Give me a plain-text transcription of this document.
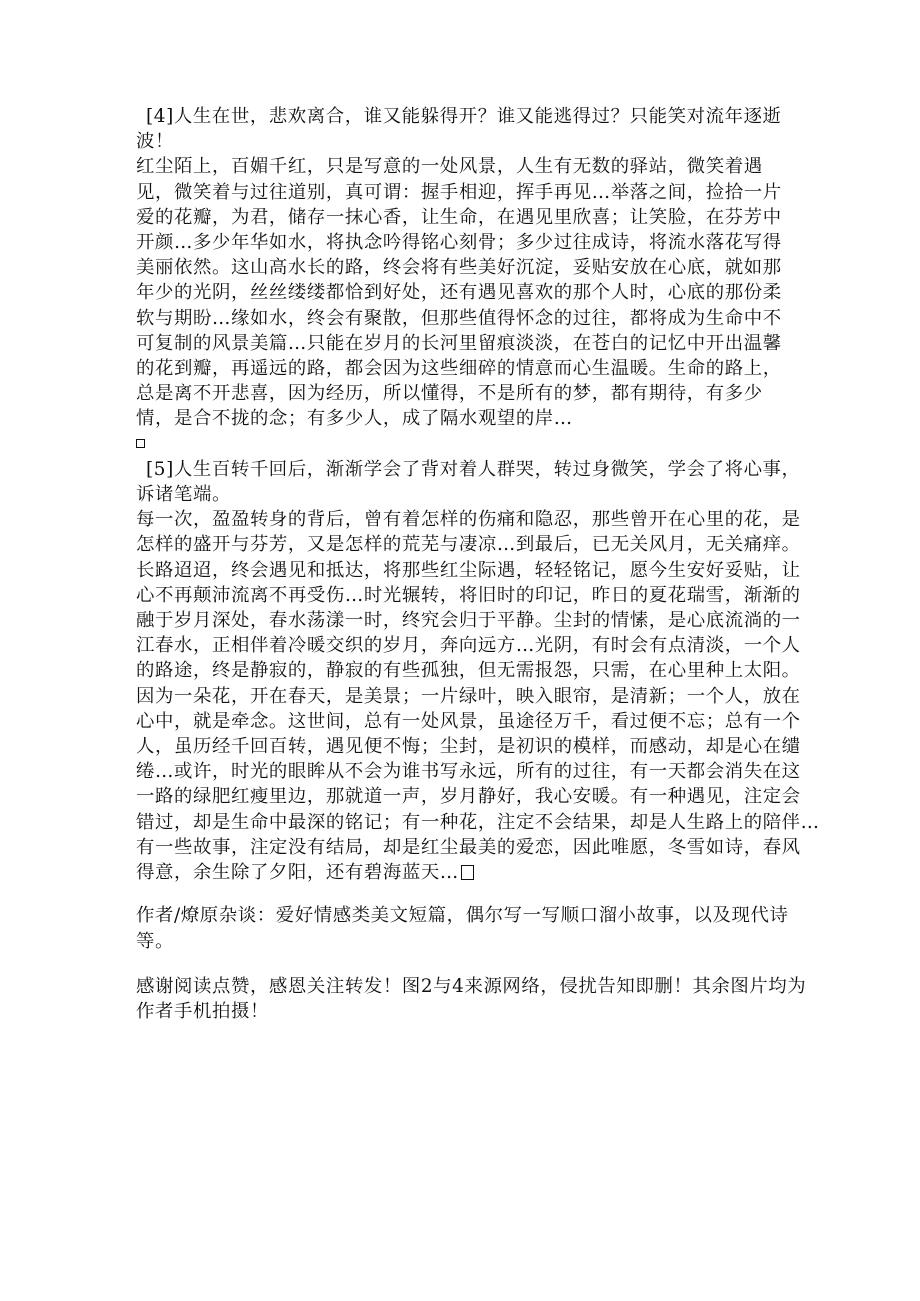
[4]人生在世，悲欢离合，谁又能躲得开？谁又能逃得过？只能笑对流年逐逝
波！
红尘陌上，百媚千红，只是写意的一处风景，人生有无数的驿站，微笑着遇
见，微笑着与过往道别，真可谓：握手相迎，挥手再见…举落之间，捡拾一片
爱的花瓣，为君，储存一抹心香，让生命，在遇见里欣喜；让笑脸，在芬芳中
开颜…多少年华如水，将执念吟得铭心刻骨；多少过往成诗，将流水落花写得
美丽依然。这山高水长的路，终会将有些美好沉淀，妥贴安放在心底，就如那
年少的光阴，丝丝缕缕都恰到好处，还有遇见喜欢的那个人时，心底的那份柔
软与期盼…缘如水，终会有聚散，但那些值得怀念的过往，都将成为生命中不
可复制的风景美篇…只能在岁月的长河里留痕淡淡，在苍白的记忆中开出温馨
的花到瓣，再遥远的路，都会因为这些细碎的情意而心生温暖。生命的路上，
总是离不开悲喜，因为经历，所以懂得，不是所有的梦，都有期待，有多少
情，是合不拢的念；有多少人，成了隔水观望的岸…
[5]人生百转千回后，渐渐学会了背对着人群哭，转过身微笑，学会了将心事，
诉诸笔端。
每一次，盈盈转身的背后，曾有着怎样的伤痛和隐忍，那些曾开在心里的花，是
怎样的盛开与芬芳，又是怎样的荒芜与凄凉…到最后，已无关风月，无关痛痒。
长路迢迢，终会遇见和抵达，将那些红尘际遇，轻轻铭记，愿今生安好妥贴，让
心不再颠沛流离不再受伤…时光辗转，将旧时的印记，昨日的夏花瑞雪，渐渐的
融于岁月深处，春水荡漾一时，终究会归于平静。尘封的情愫，是心底流淌的一
江春水，正相伴着冷暖交织的岁月，奔向远方…光阴，有时会有点清淡，一个人
的路途，终是静寂的，静寂的有些孤独，但无需报怨，只需，在心里种上太阳。
因为一朵花，开在春天，是美景；一片绿叶，映入眼帘，是清新；一个人，放在
心中，就是牵念。这世间，总有一处风景，虽途径万千，看过便不忘；总有一个
人，虽历经千回百转，遇见便不悔；尘封，是初识的模样，而感动，却是心在缱
绻…或许，时光的眼眸从不会为谁书写永远，所有的过往，有一天都会消失在这
一路的绿肥红瘦里边，那就道一声，岁月静好，我心安暖。有一种遇见，注定会
错过，却是生命中最深的铭记；有一种花，注定不会结果，却是人生路上的陪伴…
有一些故事，注定没有结局，却是红尘最美的爱恋，因此唯愿，冬雪如诗，春风
得意，余生除了夕阳，还有碧海蓝天…
作者/燎原杂谈：爱好情感类美文短篇，偶尔写一写顺口溜小故事，以及现代诗
等。
感谢阅读点赞，感恩关注转发！图2与4来源网络，侵扰告知即删！其余图片均为
作者手机拍摄！
